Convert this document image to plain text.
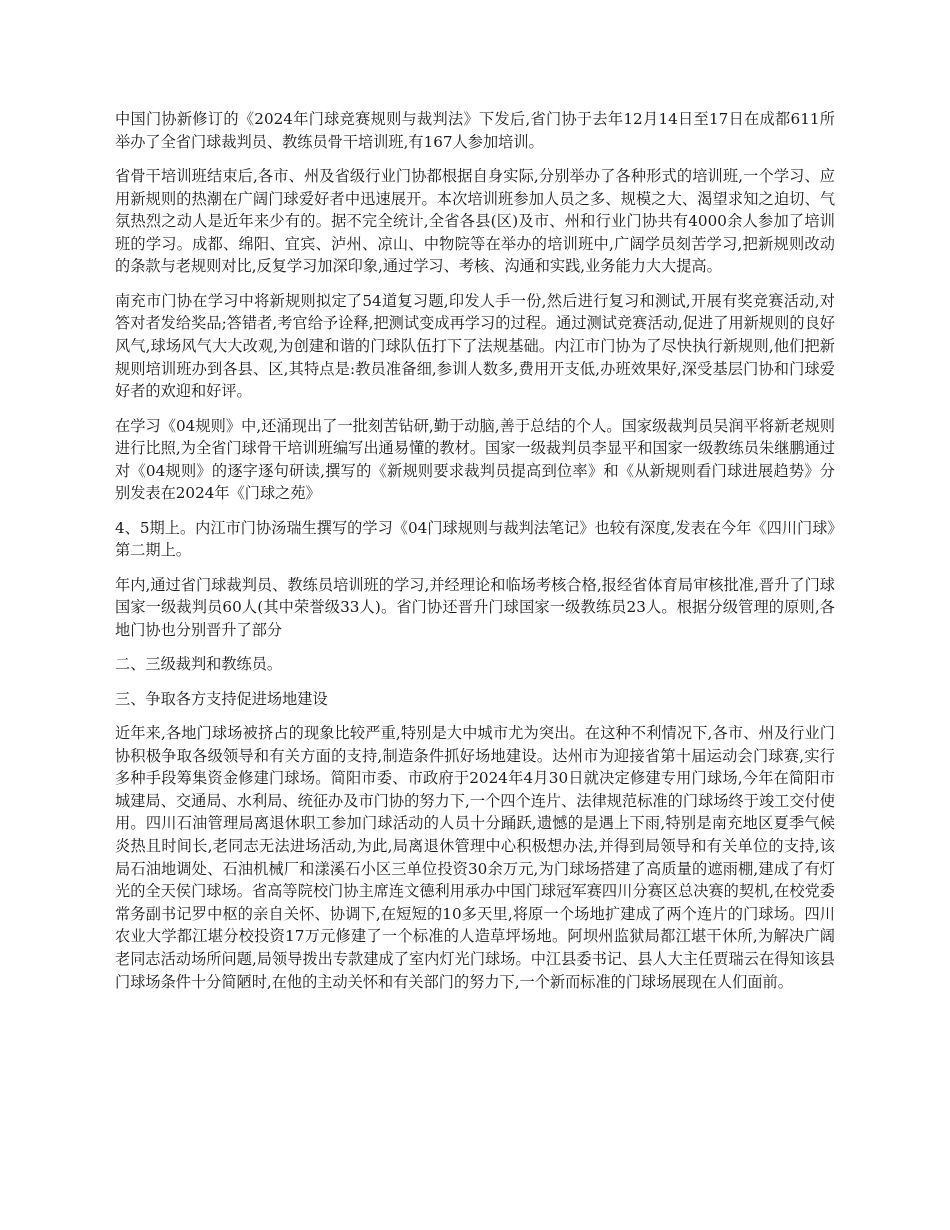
中国门协新修订的《2024年门球竞赛规则与裁判法》下发后,省门协于去年12月14日至17日在成都611所举办了全省门球裁判员、教练员骨干培训班,有167人参加培训。

省骨干培训班结束后,各市、州及省级行业门协都根据自身实际,分别举办了各种形式的培训班,一个学习、应用新规则的热潮在广阔门球爱好者中迅速展开。本次培训班参加人员之多、规模之大、渴望求知之迫切、气氛热烈之动人是近年来少有的。据不完全统计,全省各县(区)及市、州和行业门协共有4000余人参加了培训班的学习。成都、绵阳、宜宾、泸州、凉山、中物院等在举办的培训班中,广阔学员刻苦学习,把新规则改动的条款与老规则对比,反复学习加深印象,通过学习、考核、沟通和实践,业务能力大大提高。

南充市门协在学习中将新规则拟定了54道复习题,印发人手一份,然后进行复习和测试,开展有奖竞赛活动,对答对者发给奖品;答错者,考官给予诠释,把测试变成再学习的过程。通过测试竞赛活动,促进了用新规则的良好风气,球场风气大大改观,为创建和谐的门球队伍打下了法规基础。内江市门协为了尽快执行新规则,他们把新规则培训班办到各县、区,其特点是:教员准备细,参训人数多,费用开支低,办班效果好,深受基层门协和门球爱好者的欢迎和好评。

在学习《04规则》中,还涌现出了一批刻苦钻研,勤于动脑,善于总结的个人。国家级裁判员吴润平将新老规则进行比照,为全省门球骨干培训班编写出通易懂的教材。国家一级裁判员李显平和国家一级教练员朱继鹏通过对《04规则》的逐字逐句研读,撰写的《新规则要求裁判员提高到位率》和《从新规则看门球进展趋势》分别发表在2024年《门球之苑》

4、5期上。内江市门协汤瑞生撰写的学习《04门球规则与裁判法笔记》也较有深度,发表在今年《四川门球》第二期上。

年内,通过省门球裁判员、教练员培训班的学习,并经理论和临场考核合格,报经省体育局审核批准,晋升了门球国家一级裁判员60人(其中荣誉级33人)。省门协还晋升门球国家一级教练员23人。根据分级管理的原则,各地门协也分别晋升了部分

二、三级裁判和教练员。

三、争取各方支持促进场地建设

近年来,各地门球场被挤占的现象比较严重,特别是大中城市尤为突出。在这种不利情况下,各市、州及行业门协积极争取各级领导和有关方面的支持,制造条件抓好场地建设。达州市为迎接省第十届运动会门球赛,实行多种手段筹集资金修建门球场。简阳市委、市政府于2024年4月30日就决定修建专用门球场,今年在简阳市城建局、交通局、水利局、统征办及市门协的努力下,一个四个连片、法律规范标准的门球场终于竣工交付使用。四川石油管理局离退休职工参加门球活动的人员十分踊跃,遗憾的是遇上下雨,特别是南充地区夏季气候炎热且时间长,老同志无法进场活动,为此,局离退休管理中心积极想办法,并得到局领导和有关单位的支持,该局石油地调处、石油机械厂和漾溪石小区三单位投资30余万元,为门球场搭建了高质量的遮雨棚,建成了有灯光的全天侯门球场。省高等院校门协主席连文德利用承办中国门球冠军赛四川分赛区总决赛的契机,在校党委常务副书记罗中枢的亲自关怀、协调下,在短短的10多天里,将原一个场地扩建成了两个连片的门球场。四川农业大学都江堪分校投资17万元修建了一个标准的人造草坪场地。阿坝州监狱局都江堪干休所,为解决广阔老同志活动场所问题,局领导拨出专款建成了室内灯光门球场。中江县委书记、县人大主任贾瑞云在得知该县门球场条件十分简陋时,在他的主动关怀和有关部门的努力下,一个新而标准的门球场展现在人们面前。
